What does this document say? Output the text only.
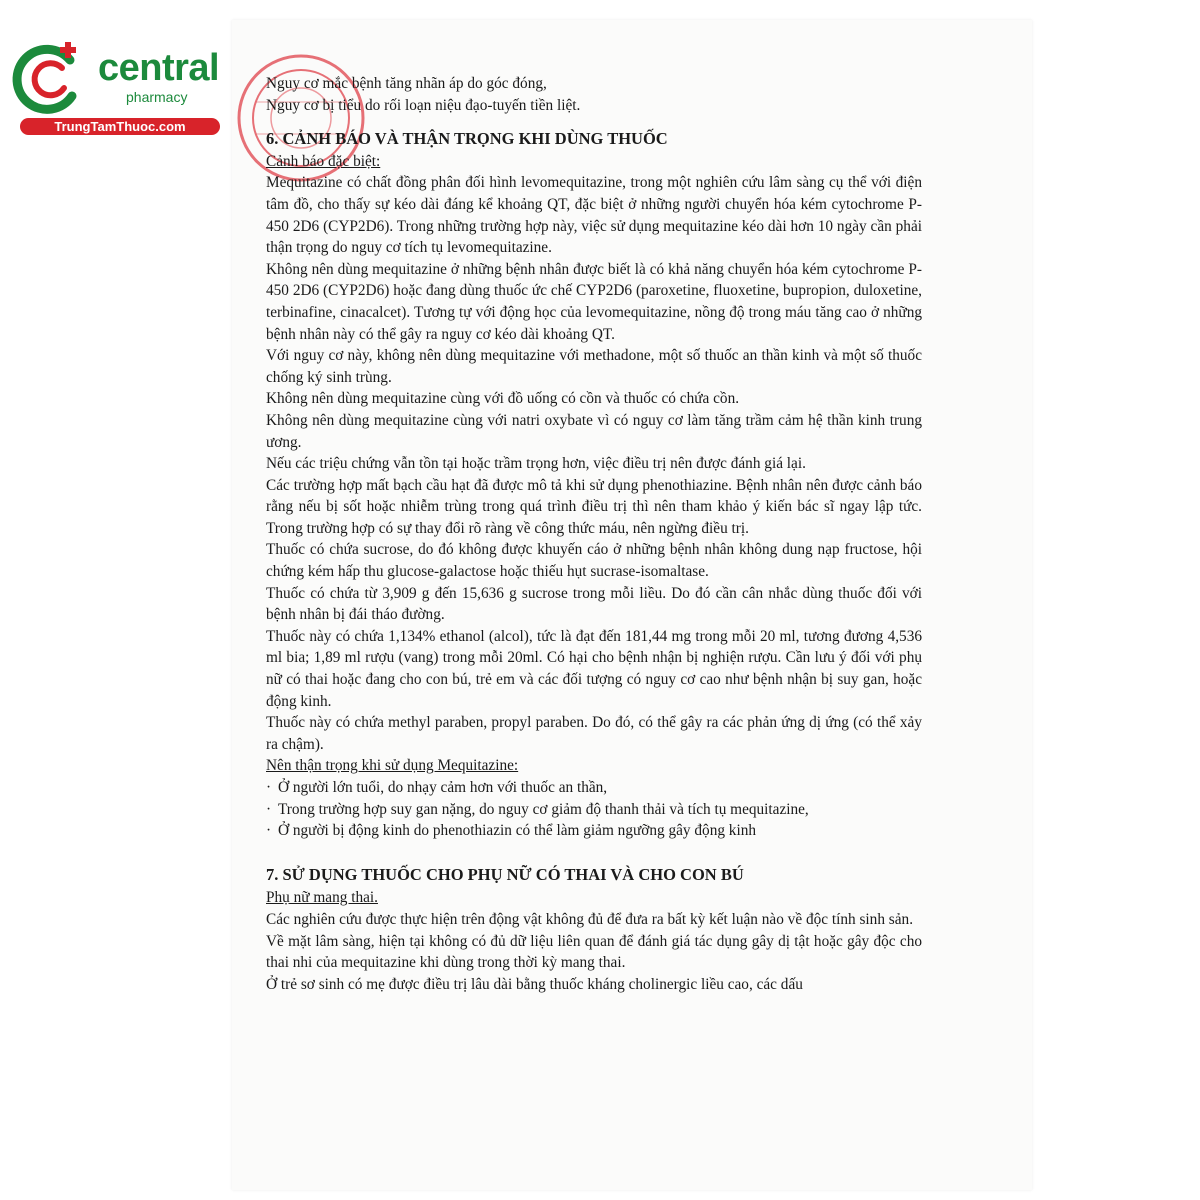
central
pharmacy
TrungTamThuoc.com

Nguy cơ mắc bệnh tăng nhãn áp do góc đóng,

Nguy cơ bị tiểu do rối loạn niệu đạo-tuyến tiền liệt.

6. CẢNH BÁO VÀ THẬN TRỌNG KHI DÙNG THUỐC

Cảnh báo đặc biệt:

Mequitazine có chất đồng phân đối hình levomequitazine, trong một nghiên cứu lâm sàng cụ thể với điện tâm đồ, cho thấy sự kéo dài đáng kể khoảng QT, đặc biệt ở những người chuyển hóa kém cytochrome P-450 2D6 (CYP2D6). Trong những trường hợp này, việc sử dụng mequitazine kéo dài hơn 10 ngày cần phải thận trọng do nguy cơ tích tụ levomequitazine.

Không nên dùng mequitazine ở những bệnh nhân được biết là có khả năng chuyển hóa kém cytochrome P-450 2D6 (CYP2D6) hoặc đang dùng thuốc ức chế CYP2D6 (paroxetine, fluoxetine, bupropion, duloxetine, terbinafine, cinacalcet). Tương tự với động học của levomequitazine, nồng độ trong máu tăng cao ở những bệnh nhân này có thể gây ra nguy cơ kéo dài khoảng QT.

Với nguy cơ này, không nên dùng mequitazine với methadone, một số thuốc an thần kinh và một số thuốc chống ký sinh trùng.

Không nên dùng mequitazine cùng với đồ uống có cồn và thuốc có chứa cồn.

Không nên dùng mequitazine cùng với natri oxybate vì có nguy cơ làm tăng trầm cảm hệ thần kinh trung ương.

Nếu các triệu chứng vẫn tồn tại hoặc trầm trọng hơn, việc điều trị nên được đánh giá lại.

Các trường hợp mất bạch cầu hạt đã được mô tả khi sử dụng phenothiazine. Bệnh nhân nên được cảnh báo rằng nếu bị sốt hoặc nhiễm trùng trong quá trình điều trị thì nên tham khảo ý kiến bác sĩ ngay lập tức. Trong trường hợp có sự thay đổi rõ ràng về công thức máu, nên ngừng điều trị.

Thuốc có chứa sucrose, do đó không được khuyến cáo ở những bệnh nhân không dung nạp fructose, hội chứng kém hấp thu glucose-galactose hoặc thiếu hụt sucrase-isomaltase.

Thuốc có chứa từ 3,909 g đến 15,636 g sucrose trong mỗi liều. Do đó cần cân nhắc dùng thuốc đối với bệnh nhân bị đái tháo đường.

Thuốc này có chứa 1,134% ethanol (alcol), tức là đạt đến 181,44 mg trong mỗi 20 ml, tương đương 4,536 ml bia; 1,89 ml rượu (vang) trong mỗi 20ml. Có hại cho bệnh nhận bị nghiện rượu. Cần lưu ý đối với phụ nữ có thai hoặc đang cho con bú, trẻ em và các đối tượng có nguy cơ cao như bệnh nhận bị suy gan, hoặc động kinh.

Thuốc này có chứa methyl paraben, propyl paraben. Do đó, có thể gây ra các phản ứng dị ứng (có thể xảy ra chậm).

Nên thận trọng khi sử dụng Mequitazine:

· Ở người lớn tuổi, do nhạy cảm hơn với thuốc an thần,

· Trong trường hợp suy gan nặng, do nguy cơ giảm độ thanh thải và tích tụ mequitazine,

· Ở người bị động kinh do phenothiazin có thể làm giảm ngưỡng gây động kinh

7. SỬ DỤNG THUỐC CHO PHỤ NỮ CÓ THAI VÀ CHO CON BÚ

Phụ nữ mang thai.

Các nghiên cứu được thực hiện trên động vật không đủ để đưa ra bất kỳ kết luận nào về độc tính sinh sản.

Về mặt lâm sàng, hiện tại không có đủ dữ liệu liên quan để đánh giá tác dụng gây dị tật hoặc gây độc cho thai nhi của mequitazine khi dùng trong thời kỳ mang thai.

Ở trẻ sơ sinh có mẹ được điều trị lâu dài bằng thuốc kháng cholinergic liều cao, các dấu
